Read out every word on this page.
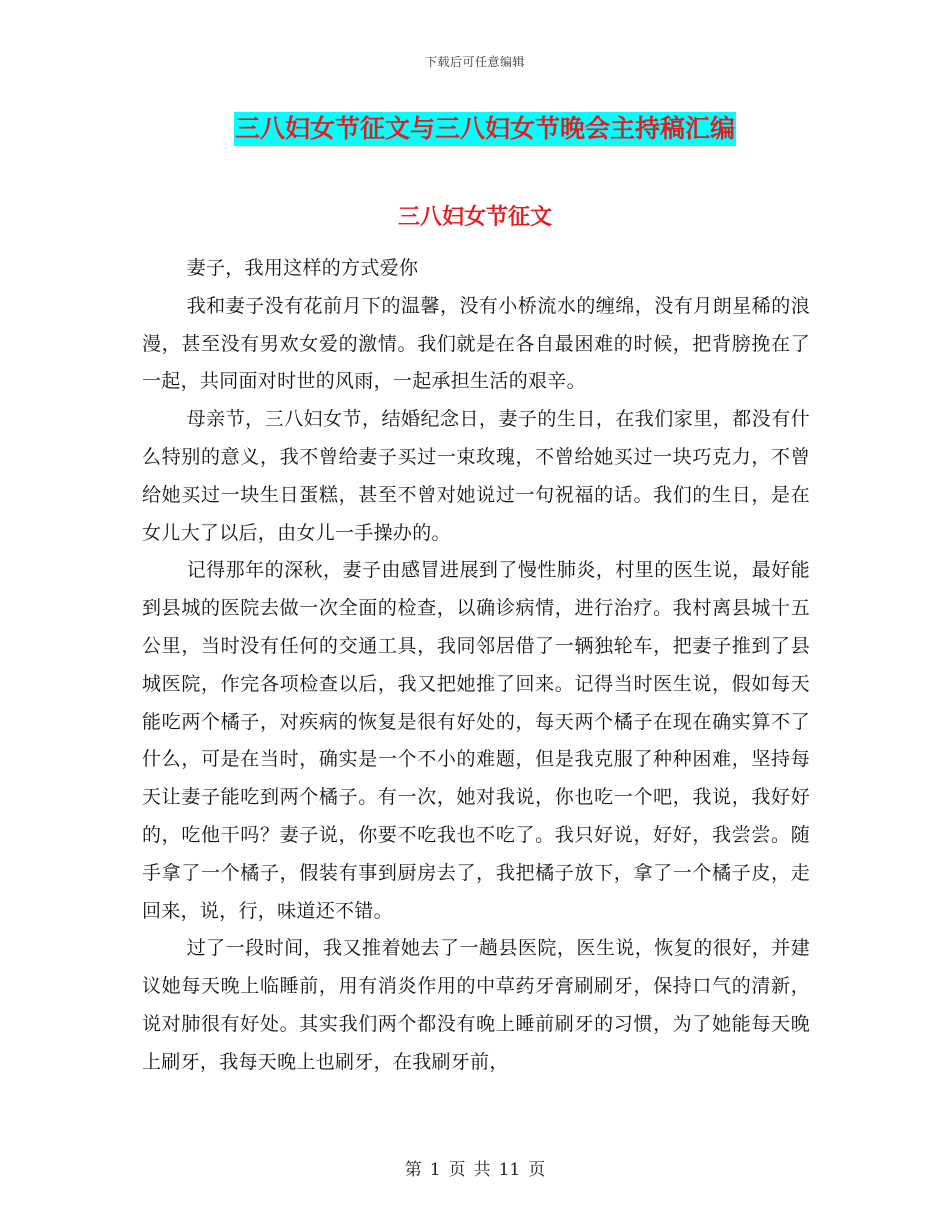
下载后可任意编辑
三八妇女节征文与三八妇女节晚会主持稿汇编
三八妇女节征文

妻子，我用这样的方式爱你

我和妻子没有花前月下的温馨，没有小桥流水的缠绵，没有月朗星稀的浪漫，甚至没有男欢女爱的激情。我们就是在各自最困难的时候，把背膀挽在了一起，共同面对时世的风雨，一起承担生活的艰辛。

母亲节，三八妇女节，结婚纪念日，妻子的生日，在我们家里，都没有什么特别的意义，我不曾给妻子买过一束玫瑰，不曾给她买过一块巧克力，不曾给她买过一块生日蛋糕，甚至不曾对她说过一句祝福的话。我们的生日，是在女儿大了以后，由女儿一手操办的。

记得那年的深秋，妻子由感冒进展到了慢性肺炎，村里的医生说，最好能到县城的医院去做一次全面的检查，以确诊病情，进行治疗。我村离县城十五公里，当时没有任何的交通工具，我同邻居借了一辆独轮车，把妻子推到了县城医院，作完各项检查以后，我又把她推了回来。记得当时医生说，假如每天能吃两个橘子，对疾病的恢复是很有好处的，每天两个橘子在现在确实算不了什么，可是在当时，确实是一个不小的难题，但是我克服了种种困难，坚持每天让妻子能吃到两个橘子。有一次，她对我说，你也吃一个吧，我说，我好好的，吃他干吗？妻子说，你要不吃我也不吃了。我只好说，好好，我尝尝。随手拿了一个橘子，假装有事到厨房去了，我把橘子放下，拿了一个橘子皮，走回来，说，行，味道还不错。

过了一段时间，我又推着她去了一趟县医院，医生说，恢复的很好，并建议她每天晚上临睡前，用有消炎作用的中草药牙膏刷刷牙，保持口气的清新，说对肺很有好处。其实我们两个都没有晚上睡前刷牙的习惯，为了她能每天晚上刷牙，我每天晚上也刷牙，在我刷牙前，

第 1 页 共 11 页
